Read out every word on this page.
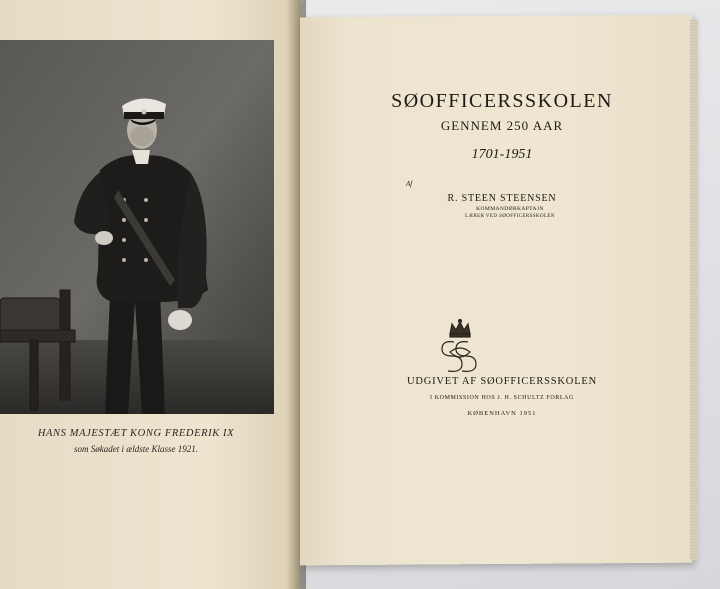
HANS MAJESTÆT KONG FREDERIK IX
som Søkadet i ældste Klasse 1921.
SØOFFICERSSKOLEN
GENNEM 250 AAR
1701-1951
Af
R. STEEN STEENSEN
KOMMANDØRKAPTAJN
LÆRER VED SØOFFICERSSKOLEN
UDGIVET AF SØOFFICERSSKOLEN
I KOMMISSION HOS J. H. SCHULTZ FORLAG
KØBENHAVN 1951
